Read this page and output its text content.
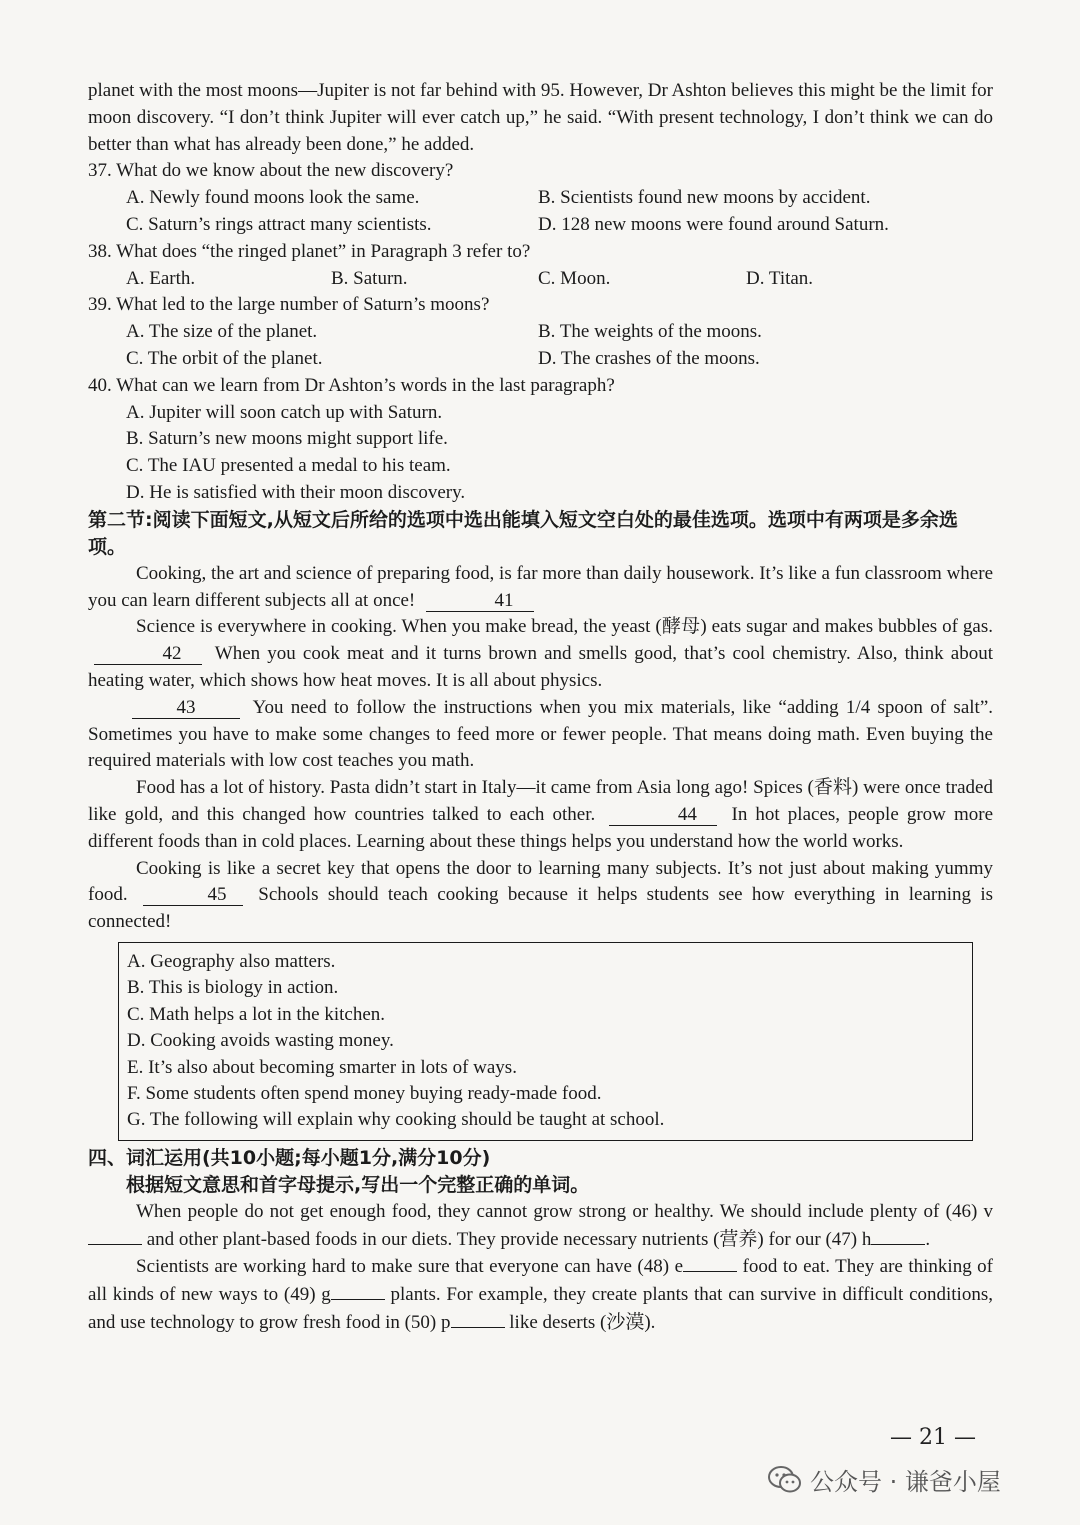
planet with the most moons—Jupiter is not far behind with 95. However, Dr Ashton believes this might be the limit for moon discovery. “I don’t think Jupiter will ever catch up,” he said. “With present technology, I don’t think we can do better than what has already been done,” he added.

37. What do we know about the new discovery?

A. Newly found moons look the same.	B. Scientists found new moons by accident.
C. Saturn’s rings attract many scientists.	D. 128 new moons were found around Saturn.

38. What does “the ringed planet” in Paragraph 3 refer to?

A. Earth.	B. Saturn.	C. Moon.	D. Titan.

39. What led to the large number of Saturn’s moons?

A. The size of the planet.	B. The weights of the moons.
C. The orbit of the planet.	D. The crashes of the moons.

40. What can we learn from Dr Ashton’s words in the last paragraph?

A. Jupiter will soon catch up with Saturn.

B. Saturn’s new moons might support life.

C. The IAU presented a medal to his team.

D. He is satisfied with their moon discovery.

第二节:阅读下面短文,从短文后所给的选项中选出能填入短文空白处的最佳选项。选项中有两项是多余选项。

Cooking, the art and science of preparing food, is far more than daily housework. It’s like a fun classroom where you can learn different subjects all at once!	41

Science is everywhere in cooking. When you make bread, the yeast (酵母) eats sugar and makes bubbles of gas. 42 When you cook meat and it turns brown and smells good, that’s cool chemistry. Also, think about heating water, which shows how heat moves. It is all about physics.

43	You need to follow the instructions when you mix materials, like “adding 1/4 spoon of salt”. Sometimes you have to make some changes to feed more or fewer people. That means doing math. Even buying the required materials with low cost teaches you math.

Food has a lot of history. Pasta didn’t start in Italy—it came from Asia long ago! Spices (香料) were once traded like gold, and this changed how countries talked to each other.	44 In hot places, people grow more different foods than in cold places. Learning about these things helps you understand how the world works.

Cooking is like a secret key that opens the door to learning many subjects. It’s not just about making yummy food.	45 Schools should teach cooking because it helps students see how everything in learning is connected!

A. Geography also matters.

B. This is biology in action.

C. Math helps a lot in the kitchen.

D. Cooking avoids wasting money.

E. It’s also about becoming smarter in lots of ways.

F. Some students often spend money buying ready-made food.

G. The following will explain why cooking should be taught at school.

四、词汇运用(共10小题;每小题1分,满分10分)

根据短文意思和首字母提示,写出一个完整正确的单词。

When people do not get enough food, they cannot grow strong or healthy. We should include plenty of (46) v and other plant-based foods in our diets. They provide necessary nutrients (营养) for our (47) h	.

Scientists are working hard to make sure that everyone can have (48) e	food to eat. They are thinking of all kinds of new ways to (49) g	plants. For example, they create plants that can survive in difficult conditions, and use technology to grow fresh food in (50) p	like deserts (沙漠).

— 21 —
公众号 · 谦爸小屋
